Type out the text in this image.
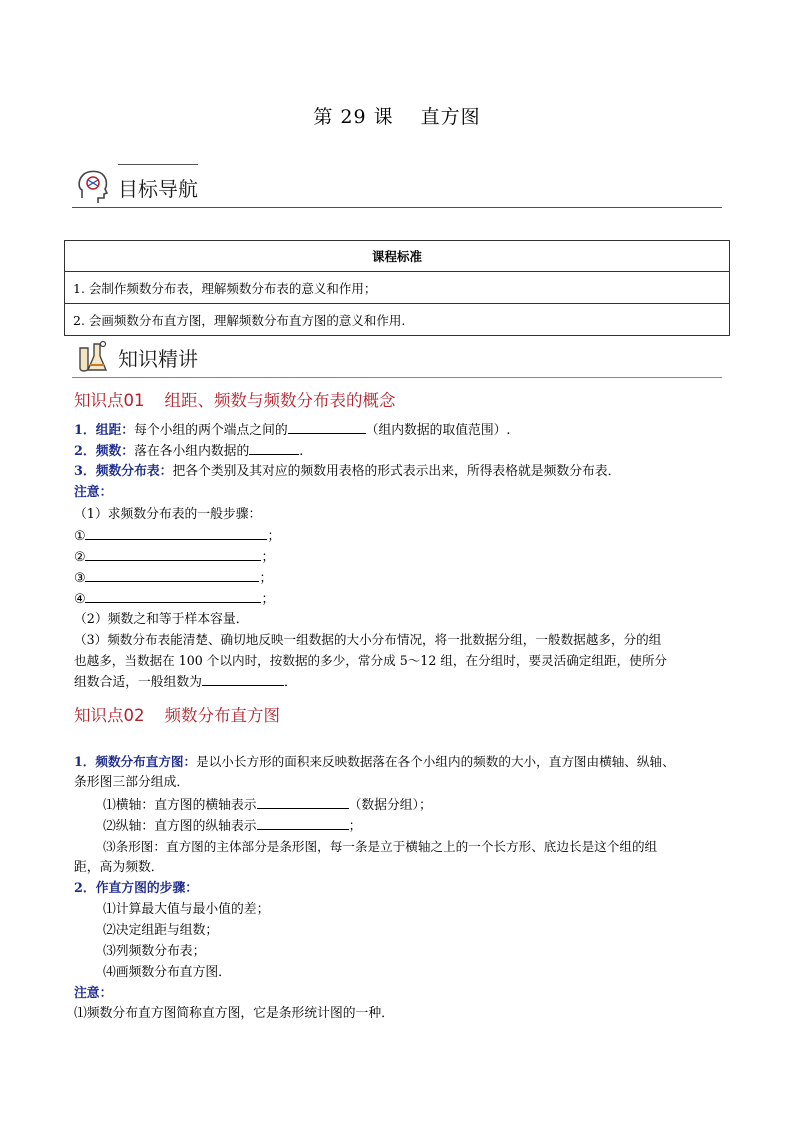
第 29 课　 直方图
目标导航
课程标准
1. 会制作频数分布表，理解频数分布表的意义和作用；
2. 会画频数分布直方图，理解频数分布直方图的意义和作用.
知识精讲
知识点01 组距、频数与频数分布表的概念
1．组距：每个小组的两个端点之间的	（组内数据的取值范围）.
2．频数：落在各小组内数据的	.
3．频数分布表：把各个类别及其对应的频数用表格的形式表示出来，所得表格就是频数分布表．
注意：
（1）求频数分布表的一般步骤：
①	；
②	；
③	；
④	；
（2）频数之和等于样本容量．
（3）频数分布表能清楚、确切地反映一组数据的大小分布情况，将一批数据分组，一般数据越多，分的组
也越多，当数据在 100 个以内时，按数据的多少，常分成 5～12 组，在分组时，要灵活确定组距，使所分
组数合适，一般组数为	．
知识点02 频数分布直方图
1．频数分布直方图：是以小长方形的面积来反映数据落在各个小组内的频数的大小，直方图由横轴、纵轴、
条形图三部分组成．
⑴横轴：直方图的横轴表示	（数据分组）；
⑵纵轴：直方图的纵轴表示	；
⑶条形图：直方图的主体部分是条形图，每一条是立于横轴之上的一个长方形、底边长是这个组的组
距，高为频数．
2．作直方图的步骤：
⑴计算最大值与最小值的差；
⑵决定组距与组数；
⑶列频数分布表；
⑷画频数分布直方图．
注意：
⑴频数分布直方图简称直方图，它是条形统计图的一种．
